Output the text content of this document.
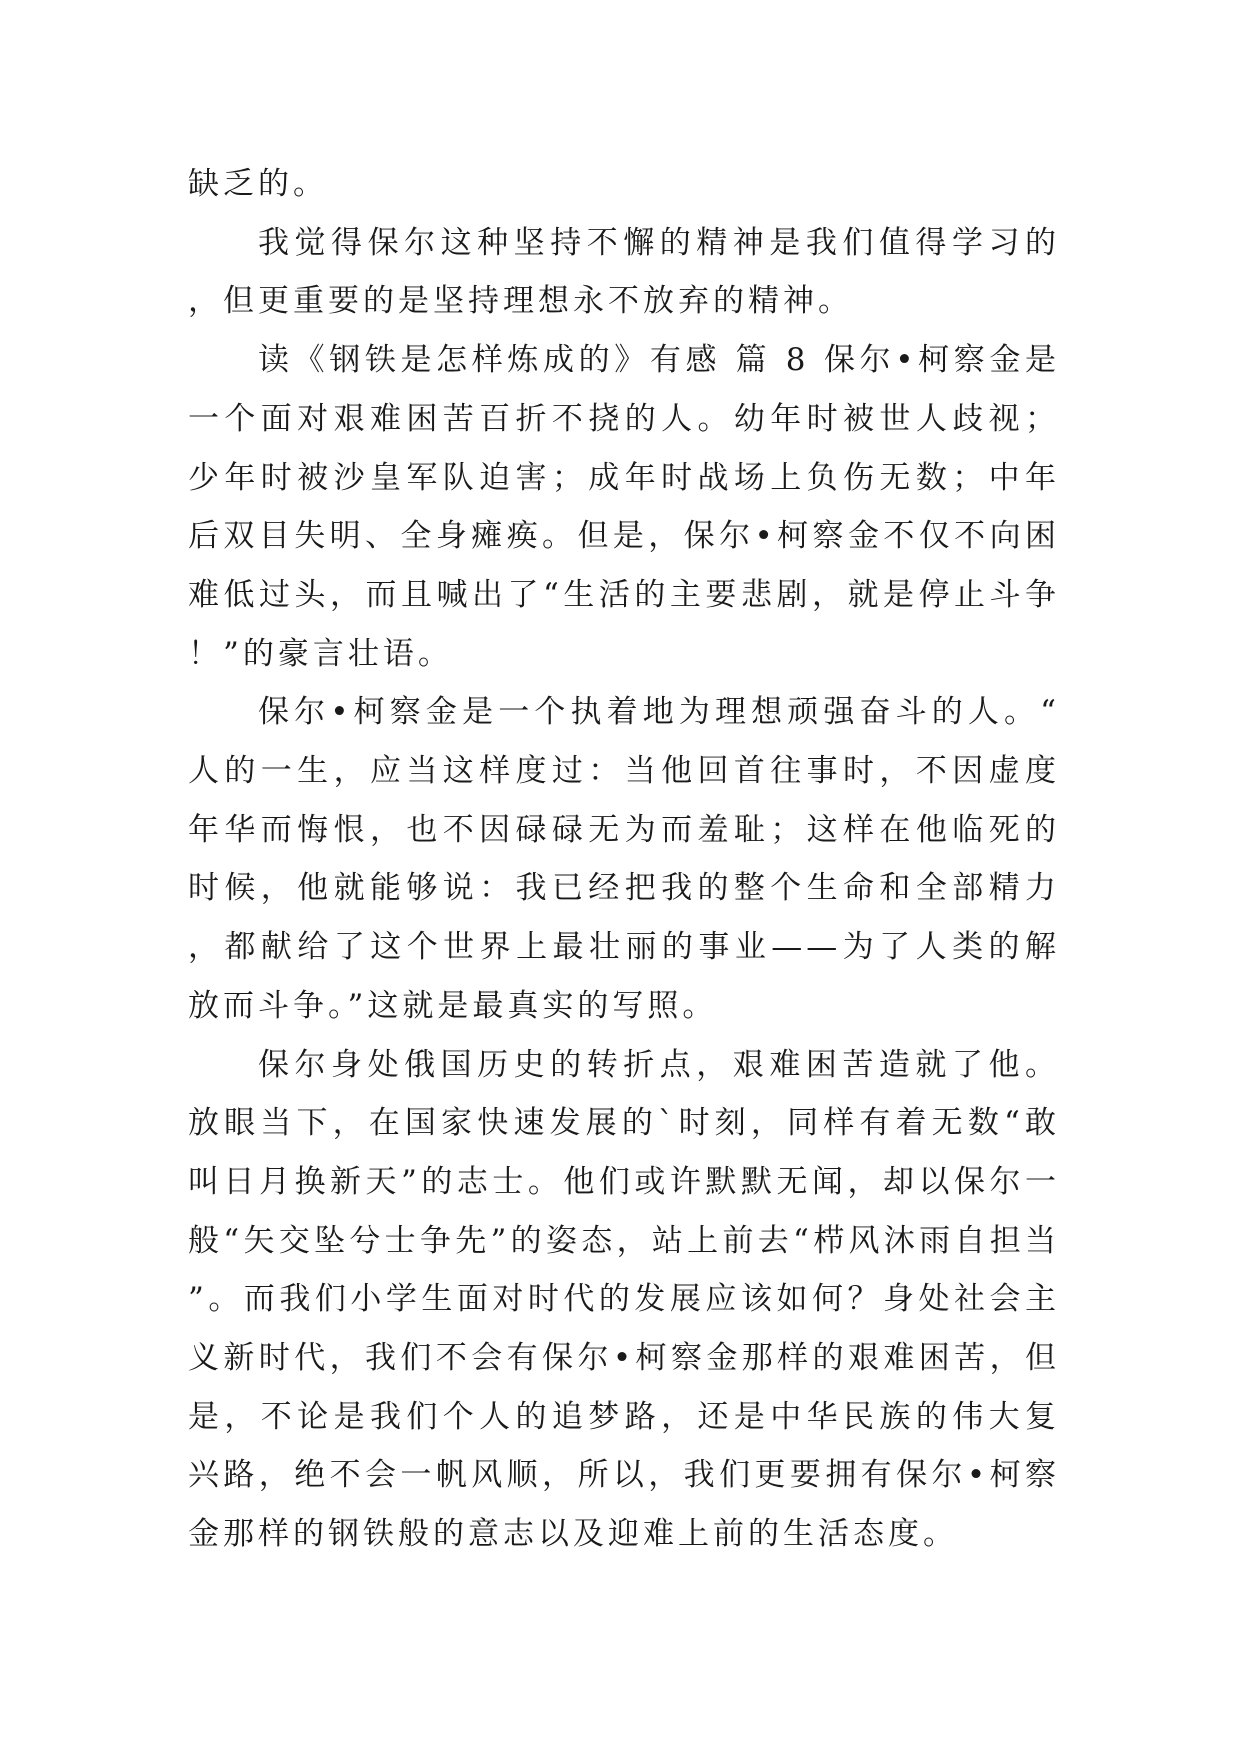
缺乏的。

我觉得保尔这种坚持不懈的精神是我们值得学习的，但更重要的是坚持理想永不放弃的精神。

读《钢铁是怎样炼成的》有感 篇 8 保尔•柯察金是一个面对艰难困苦百折不挠的人。幼年时被世人歧视；少年时被沙皇军队迫害；成年时战场上负伤无数；中年后双目失明、全身瘫痪。但是，保尔•柯察金不仅不向困难低过头，而且喊出了“生活的主要悲剧，就是停止斗争！”的豪言壮语。

保尔•柯察金是一个执着地为理想顽强奋斗的人。“人的一生，应当这样度过：当他回首往事时，不因虚度年华而悔恨，也不因碌碌无为而羞耻；这样在他临死的时候，他就能够说：我已经把我的整个生命和全部精力，都献给了这个世界上最壮丽的事业——为了人类的解放而斗争。”这就是最真实的写照。

保尔身处俄国历史的转折点，艰难困苦造就了他。放眼当下，在国家快速发展的`时刻，同样有着无数“敢叫日月换新天”的志士。他们或许默默无闻，却以保尔一般“矢交坠兮士争先”的姿态，站上前去“栉风沐雨自担当”。而我们小学生面对时代的发展应该如何？身处社会主义新时代，我们不会有保尔•柯察金那样的艰难困苦，但是，不论是我们个人的追梦路，还是中华民族的伟大复兴路，绝不会一帆风顺，所以，我们更要拥有保尔•柯察金那样的钢铁般的意志以及迎难上前的生活态度。
